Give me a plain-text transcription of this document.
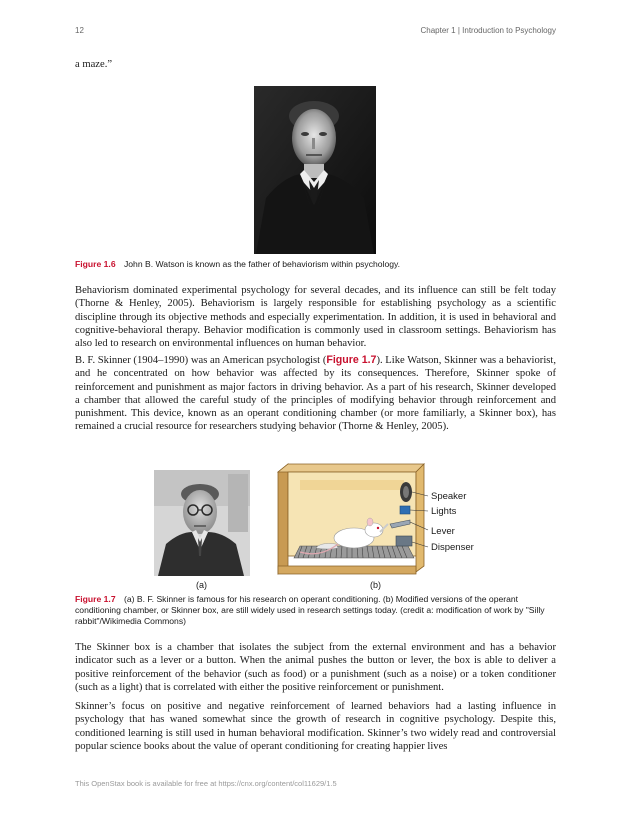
12	Chapter 1 | Introduction to Psychology

a maze.”

Figure 1.6 John B. Watson is known as the father of behaviorism within psychology.

Behaviorism dominated experimental psychology for several decades, and its influence can still be felt today (Thorne & Henley, 2005). Behaviorism is largely responsible for establishing psychology as a scientific discipline through its objective methods and especially experimentation. In addition, it is used in behavioral and cognitive-behavioral therapy. Behavior modification is commonly used in classroom settings. Behaviorism has also led to research on environmental influences on human behavior.

B. F. Skinner (1904–1990) was an American psychologist (Figure 1.7). Like Watson, Skinner was a behaviorist, and he concentrated on how behavior was affected by its consequences. Therefore, Skinner spoke of reinforcement and punishment as major factors in driving behavior. As a part of his research, Skinner developed a chamber that allowed the careful study of the principles of modifying behavior through reinforcement and punishment. This device, known as an operant conditioning chamber (or more familiarly, a Skinner box), has remained a crucial resource for researchers studying behavior (Thorne & Henley, 2005).

Speaker
Lights
Lever
Dispenser
(a)	(b)
Figure 1.7 (a) B. F. Skinner is famous for his research on operant conditioning. (b) Modified versions of the operant conditioning chamber, or Skinner box, are still widely used in research settings today. (credit a: modification of work by "Silly rabbit"/Wikimedia Commons)

The Skinner box is a chamber that isolates the subject from the external environment and has a behavior indicator such as a lever or a button. When the animal pushes the button or lever, the box is able to deliver a positive reinforcement of the behavior (such as food) or a punishment (such as a noise) or a token conditioner (such as a light) that is correlated with either the positive reinforcement or punishment.

Skinner’s focus on positive and negative reinforcement of learned behaviors had a lasting influence in psychology that has waned somewhat since the growth of research in cognitive psychology. Despite this, conditioned learning is still used in human behavioral modification. Skinner’s two widely read and controversial popular science books about the value of operant conditioning for creating happier lives

This OpenStax book is available for free at https://cnx.org/content/col11629/1.5
